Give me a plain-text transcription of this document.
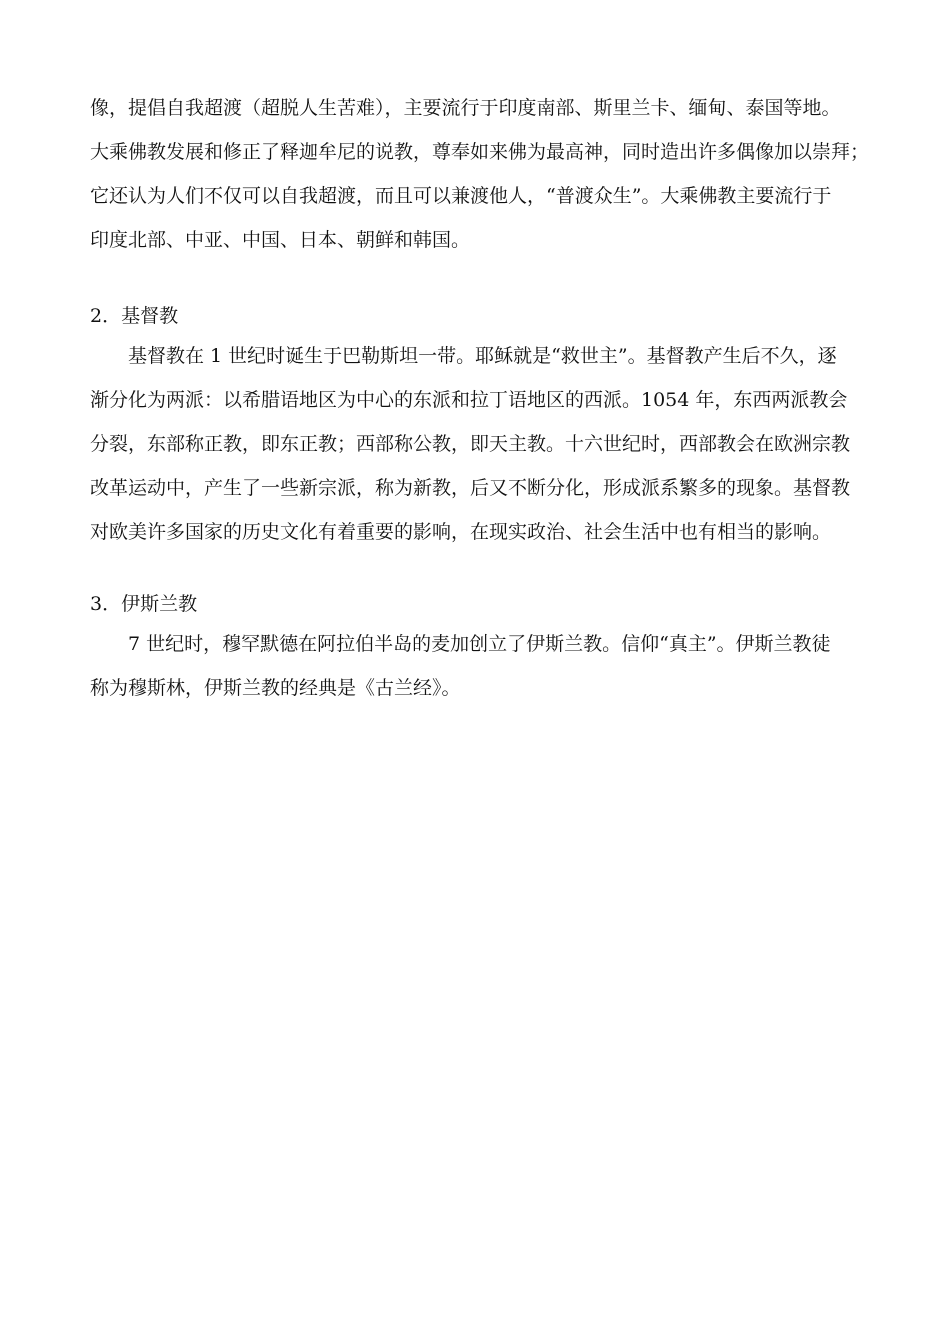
像，提倡自我超渡（超脱人生苦难），主要流行于印度南部、斯里兰卡、缅甸、泰国等地。
大乘佛教发展和修正了释迦牟尼的说教，尊奉如来佛为最高神，同时造出许多偶像加以崇拜；
它还认为人们不仅可以自我超渡，而且可以兼渡他人，“普渡众生”。大乘佛教主要流行于
印度北部、中亚、中国、日本、朝鲜和韩国。
2．基督教
基督教在 1 世纪时诞生于巴勒斯坦一带。耶稣就是“救世主”。基督教产生后不久，逐
渐分化为两派：以希腊语地区为中心的东派和拉丁语地区的西派。1054 年，东西两派教会
分裂，东部称正教，即东正教；西部称公教，即天主教。十六世纪时，西部教会在欧洲宗教
改革运动中，产生了一些新宗派，称为新教，后又不断分化，形成派系繁多的现象。基督教
对欧美许多国家的历史文化有着重要的影响，在现实政治、社会生活中也有相当的影响。
3．伊斯兰教
7 世纪时，穆罕默德在阿拉伯半岛的麦加创立了伊斯兰教。信仰“真主”。伊斯兰教徒
称为穆斯林，伊斯兰教的经典是《古兰经》。
